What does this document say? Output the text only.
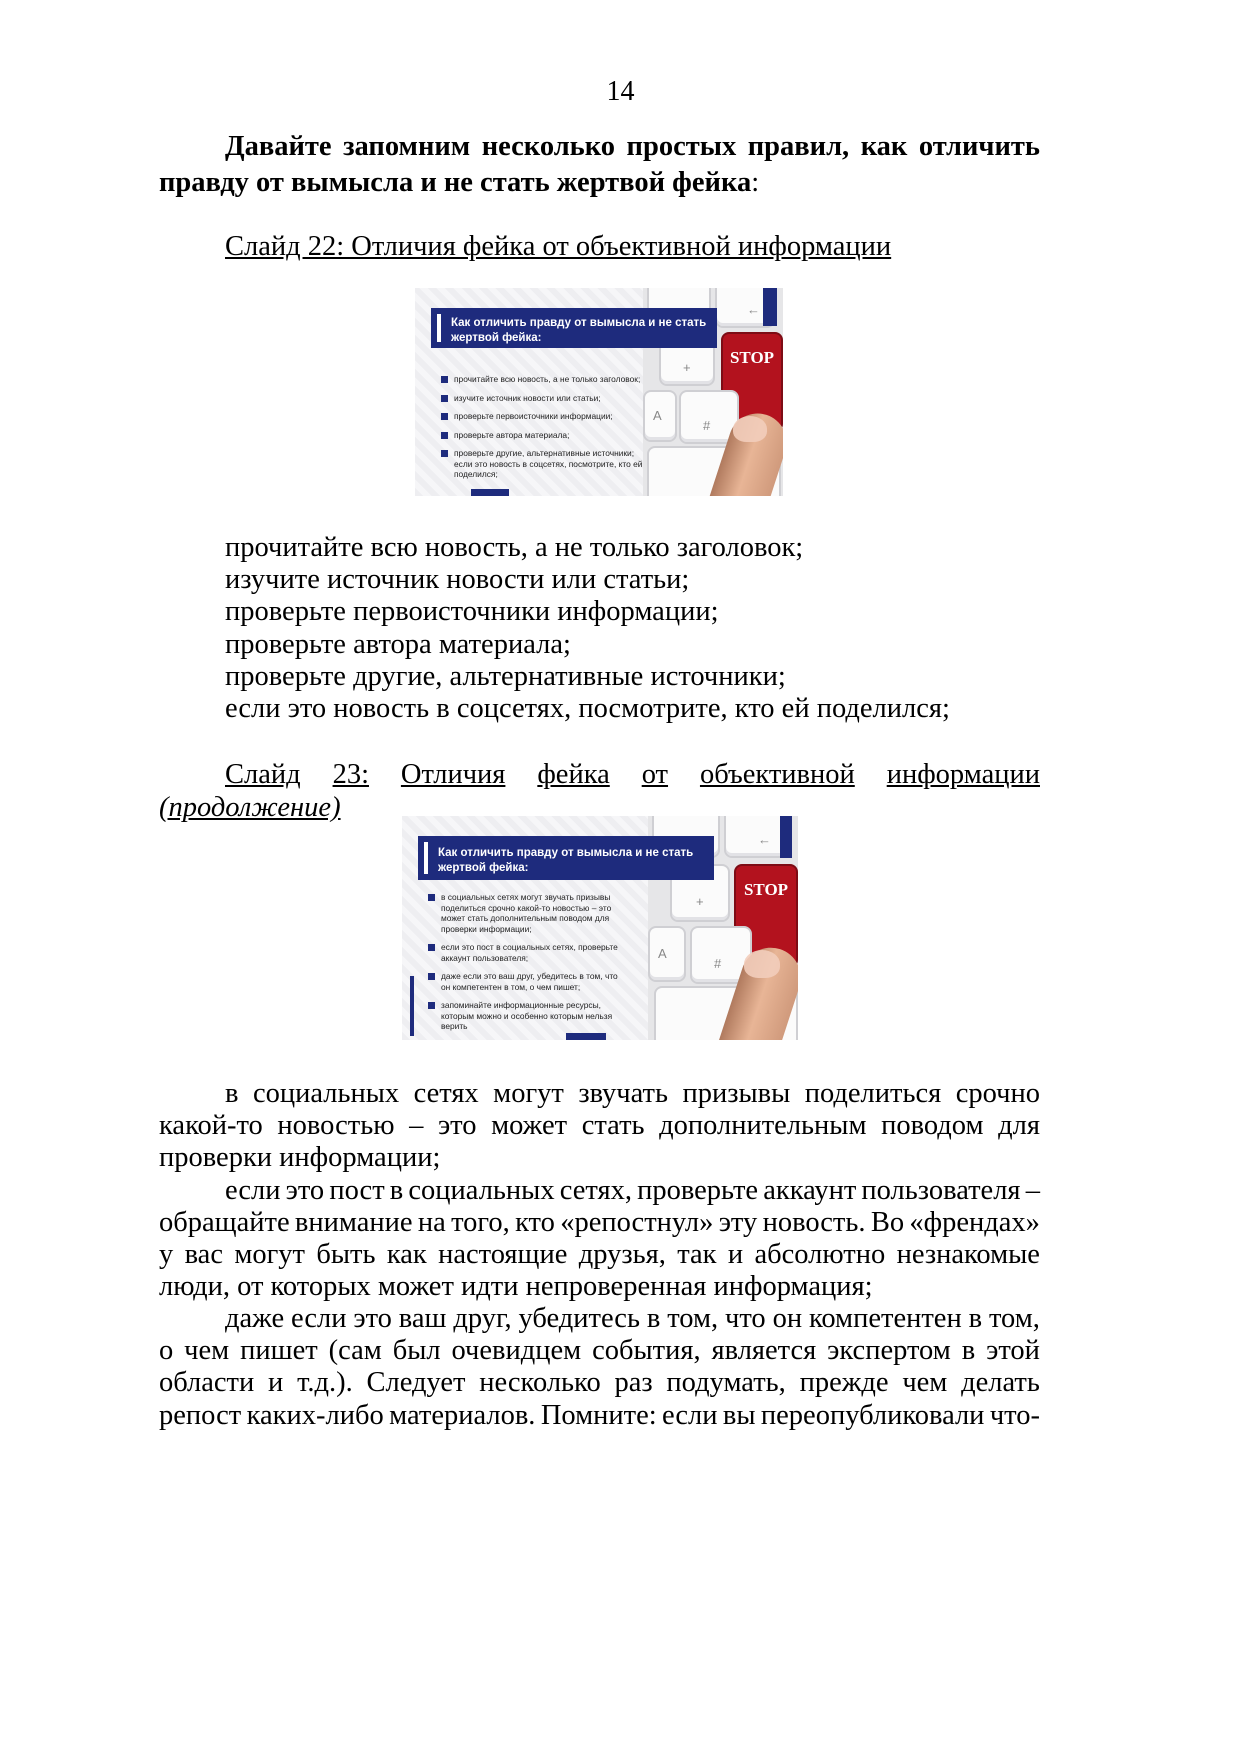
14
Давайте запомним несколько простых правил, как отличить
правду от вымысла и не стать жертвой фейка:
Слайд 22: Отличия фейка от объективной информации
←
+
STOP
A
#
Как отличить правду от вымысла и не стать
жертвой фейка:
прочитайте всю новость, а не только заголовок;
изучите источник новости или статьи;
проверьте первоисточники информации;
проверьте автора материала;
проверьте другие, альтернативные источники;
если это новость в соцсетях, посмотрите, кто ей
поделился;
прочитайте всю новость, а не только заголовок;
изучите источник новости или статьи;
проверьте первоисточники информации;
проверьте автора материала;
проверьте другие, альтернативные источники;
если это новость в соцсетях, посмотрите, кто ей поделился;
Слайд 23: Отличия фейка от объективной информации
(продолжение)
←
+
STOP
A
#
Как отличить правду от вымысла и не стать
жертвой фейка:
в социальных сетях могут звучать призывы
поделиться срочно какой-то новостью – это
может стать дополнительным поводом для
проверки информации;
если это пост в социальных сетях, проверьте
аккаунт пользователя;
даже если это ваш друг, убедитесь в том, что
он компетентен в том, о чем пишет;
запоминайте информационные ресурсы,
которым можно и особенно которым нельзя
верить
в социальных сетях могут звучать призывы поделиться срочно
какой-то новостью – это может стать дополнительным поводом для
проверки информации;
если это пост в социальных сетях, проверьте аккаунт пользователя –
обращайте внимание на того, кто «репостнул» эту новость. Во «френдах»
у вас могут быть как настоящие друзья, так и абсолютно незнакомые
люди, от которых может идти непроверенная информация;
даже если это ваш друг, убедитесь в том, что он компетентен в том,
о чем пишет (сам был очевидцем события, является экспертом в этой
области и т.д.). Следует несколько раз подумать, прежде чем делать
репост каких-либо материалов. Помните: если вы переопубликовали что-
